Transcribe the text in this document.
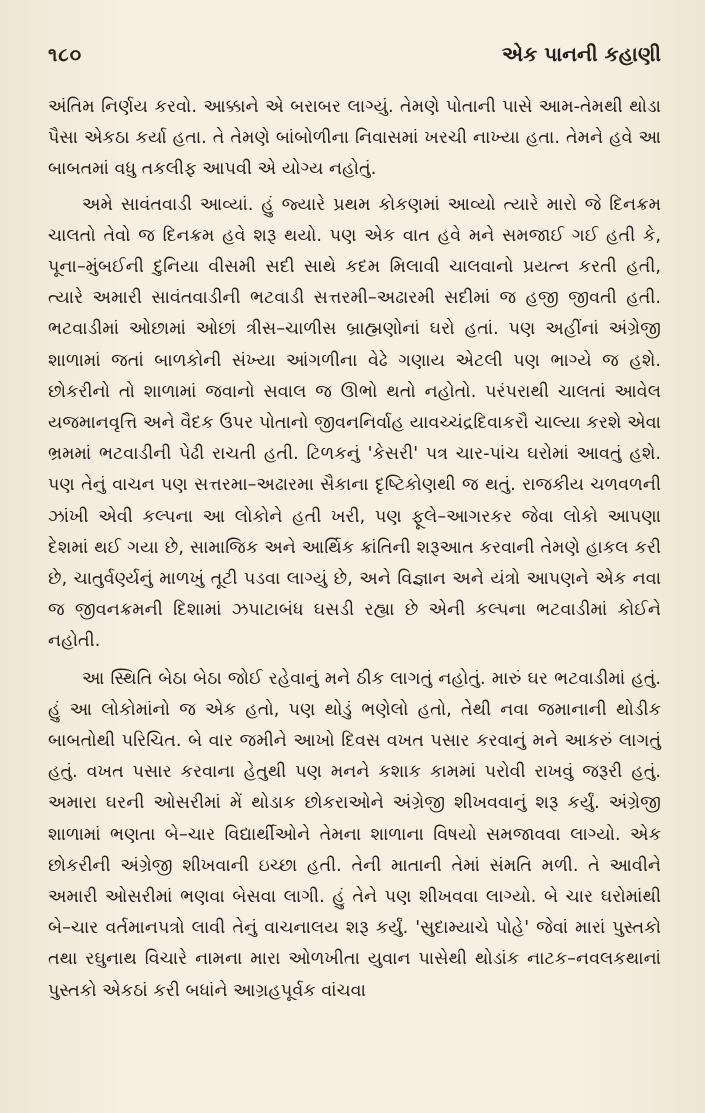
૧૮૦	એક પાનની કહાણી

અંતિમ નિર્ણય કરવો. આક્કાને એ બરાબર લાગ્યું. તેમણે પોતાની પાસે આમ-તેમથી થોડા પૈસા એકઠા કર્યા હતા. તે તેમણે બાંબોળીના નિવાસમાં ખરચી નાખ્યા હતા. તેમને હવે આ બાબતમાં વધુ તકલીફ આપવી એ યોગ્ય નહોતું.

અમે સાવંતવાડી આવ્યાં. હું જ્યારે પ્રથમ કોકણમાં આવ્યો ત્યારે મારો જે દિનક્રમ ચાલતો તેવો જ દિનક્રમ હવે શરૂ થયો. પણ એક વાત હવે મને સમજાઈ ગઈ હતી કે, પૂના–મુંબઈની દુનિયા વીસમી સદી સાથે કદમ મિલાવી ચાલવાનો પ્રયત્ન કરતી હતી, ત્યારે અમારી સાવંતવાડીની ભટવાડી સત્તરમી–અઢારમી સદીમાં જ હજી જીવતી હતી. ભટવાડીમાં ઓછામાં ઓછાં ત્રીસ–ચાળીસ બ્રાહ્મણોનાં ઘરો હતાં. પણ અહીંનાં અંગ્રેજી શાળામાં જતાં બાળકોની સંખ્યા આંગળીના વેઢે ગણાય એટલી પણ ભાગ્યે જ હશે. છોકરીનો તો શાળામાં જવાનો સવાલ જ ઊભો થતો નહોતો. પરંપરાથી ચાલતાં આવેલ યજમાનવૃત્તિ અને વૈદક ઉપર પોતાનો જીવનનિર્વાહ યાવચ્ચંદ્રદિવાકરૌ ચાલ્યા કરશે એવા ભ્રમમાં ભટવાડીની પેઢી રાચતી હતી. ટિળકનું 'કેસરી' પત્ર ચાર-પાંચ ઘરોમાં આવતું હશે. પણ તેનું વાચન પણ સત્તરમા–અઢારમા સૈકાના દૃષ્ટિકોણથી જ થતું. રાજકીય ચળવળની ઝાંખી એવી કલ્પના આ લોકોને હતી ખરી, પણ ફૂલે–આગરકર જેવા લોકો આપણા દેશમાં થઈ ગયા છે, સામાજિક અને આર્થિક ક્રાંતિની શરૂઆત કરવાની તેમણે હાકલ કરી છે, ચાતુર્વર્ણ્યનું માળખું તૂટી પડવા લાગ્યું છે, અને વિજ્ઞાન અને યંત્રો આપણને એક નવા જ જીવનક્રમની દિશામાં ઝપાટાબંધ ઘસડી રહ્યા છે એની કલ્પના ભટવાડીમાં કોઈને નહોતી.

આ સ્થિતિ બેઠા બેઠા જોઈ રહેવાનું મને ઠીક લાગતું નહોતું. મારું ઘર ભટવાડીમાં હતું. હું આ લોકોમાંનો જ એક હતો, પણ થોડું ભણેલો હતો, તેથી નવા જમાનાની થોડીક બાબતોથી પરિચિત. બે વાર જમીને આખો દિવસ વખત પસાર કરવાનું મને આકરું લાગતું હતું. વખત પસાર કરવાના હેતુથી પણ મનને કશાક કામમાં પરોવી રાખવું જરૂરી હતું. અમારા ઘરની ઓસરીમાં મેં થોડાક છોકરાઓને અંગ્રેજી શીખવવાનું શરૂ કર્યું. અંગ્રેજી શાળામાં ભણતા બે–ચાર વિદ્યાર્થીઓને તેમના શાળાના વિષયો સમજાવવા લાગ્યો. એક છોકરીની અંગ્રેજી શીખવાની ઇચ્છા હતી. તેની માતાની તેમાં સંમતિ મળી. તે આવીને અમારી ઓસરીમાં ભણવા બેસવા લાગી. હું તેને પણ શીખવવા લાગ્યો. બે ચાર ઘરોમાંથી બે–ચાર વર્તમાનપત્રો લાવી તેનું વાચનાલય શરૂ કર્યું. 'સુદામ્યાચે પોહે' જેવાં મારાં પુસ્તકો તથા રઘુનાથ વિચારે નામના મારા ઓળખીતા યુવાન પાસેથી થોડાંક નાટક–નવલકથાનાં પુસ્તકો એકઠાં કરી બધાંને આગ્રહપૂર્વક વાંચવા
